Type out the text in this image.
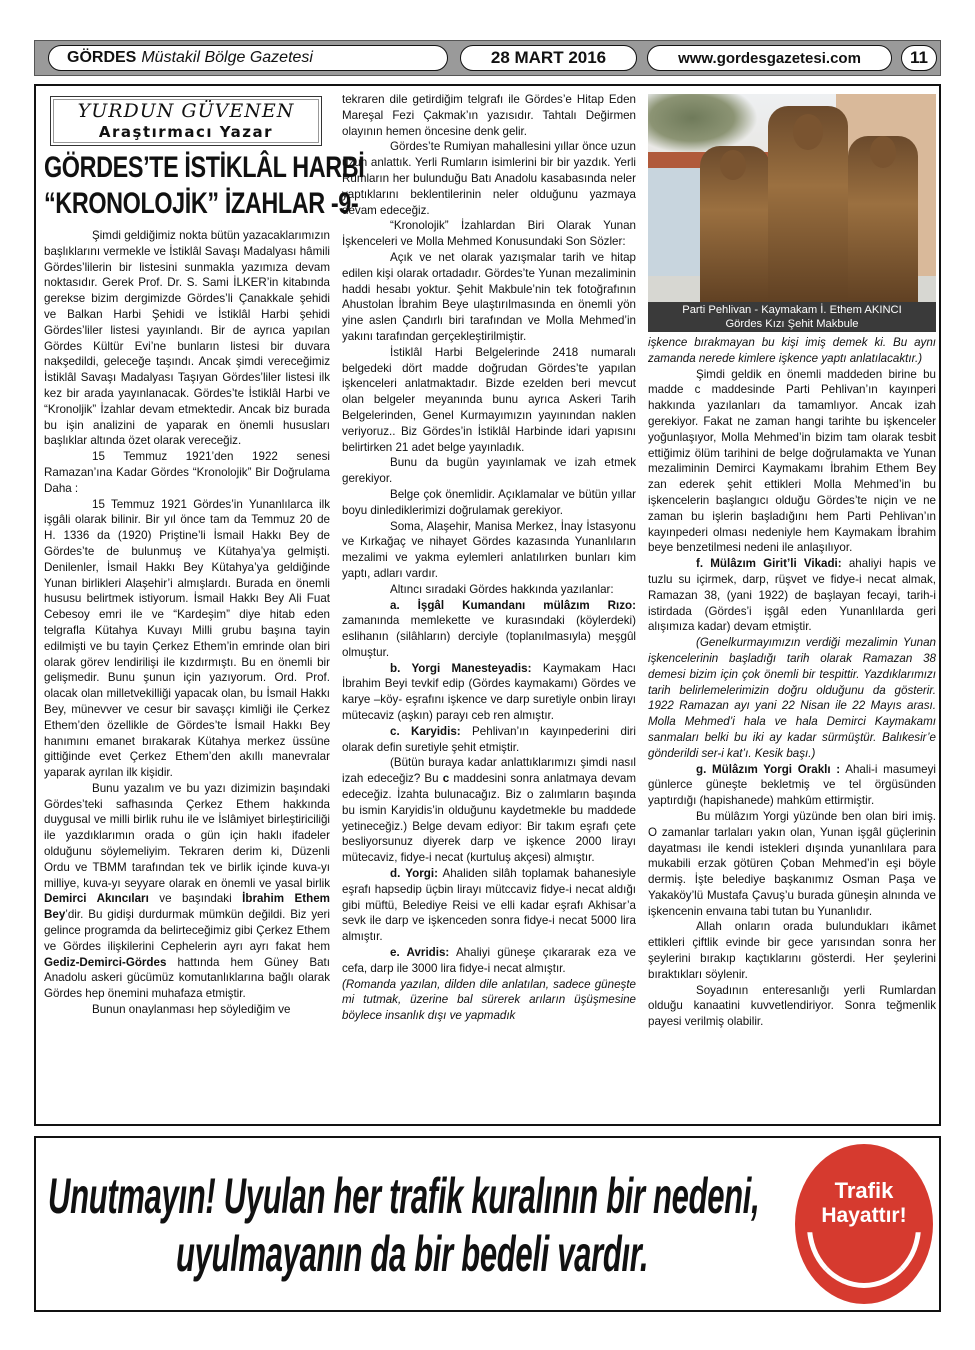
GÖRDES Müstakil Bölge Gazetesi	28 MART 2016	www.gordesgazetesi.com	11
YURDUN GÜVENEN
Araştırmacı Yazar
GÖRDES’TE İSTİKLÂL HARBİ
“KRONOLOJİK” İZAHLAR -9-

Şimdi geldiğimiz nokta bütün yazacaklarımızın başlıklarını vermekle ve İstiklâl Savaşı Madalyası hâmili Gördes’lilerin bir listesini sunmakla yazımıza devam noktasıdır. Gerek Prof. Dr. S. Sami İLKER’in kitabında gerekse bizim dergimizde Gördes’li Çanakkale şehidi ve Balkan Harbi Şehidi ve İstiklâl Harbi şehidi Gördes’liler listesi yayınlandı. Bir de ayrıca yapılan Gördes Kültür Evi’ne bunların listesi bir duvara nakşedildi, geleceğe taşındı. Ancak şimdi vereceğimiz İstiklâl Savaşı Madalyası Taşıyan Gördes’liler listesi ilk kez bir arada yayınlanacak. Gördes’te İstiklâl Harbi ve “Kronoljik” İzahlar devam etmektedir. Ancak biz burada bu işin analizini de yaparak en önemli hususları başlıklar altında özet olarak vereceğiz.

15 Temmuz 1921’den 1922 senesi Ramazan’ına Kadar Gördes “Kronolojik” Bir Doğrulama Daha :

15 Temmuz 1921 Gördes’in Yunanlılarca ilk işgâli olarak bilinir. Bir yıl önce tam da Temmuz 20 de H. 1336 da (1920) Priştine’li İsmail Hakkı Bey de Gördes’te de bulunmuş ve Kütahya’ya gelmişti. Denilenler, İsmail Hakkı Bey Kütahya’ya geldiğinde Yunan birlikleri Alaşehir’i almışlardı. Burada en önemli hususu belirtmek istiyorum. İsmail Hakkı Bey Ali Fuat Cebesoy emri ile ve “Kardeşim” diye hitab eden telgrafla Kütahya Kuvayı Milli grubu başına tayin edilmişti ve bu tayin Çerkez Ethem’in emrinde olan biri olarak görev lendirilişi ile kızdırmıştı. Bu en önemli bir gelişmedir. Bunu şunun için yazıyorum. Ord. Prof. olacak olan milletvekilliği yapacak olan, bu İsmail Hakkı Bey, münevver ve cesur bir savaşçı kimliği ile Çerkez Ethem’den özellikle de Gördes’te İsmail Hakkı Bey hanımını emanet bırakarak Kütahya merkez üssüne gittiğinde evet Çerkez Ethem’den akıllı manevralar yaparak ayrılan ilk kişidir.

Bunu yazalım ve bu yazı dizimizin başındaki Gördes’teki safhasında Çerkez Ethem hakkında duygusal ve milli birlik ruhu ile ve İslâmiyet birleştiriciliği ile yazdıklarımın orada o gün için haklı ifadeler olduğunu söylemeliyim. Tekraren derim ki, Düzenli Ordu ve TBMM tarafından tek ve birlik içinde kuva-yı milliye, kuva-yı seyyare olarak en önemli ve yasal birlik Demirci Akıncıları ve başındaki İbrahim Ethem Bey’dir. Bu gidişi durdurmak mümkün değildi. Biz yeri gelince programda da belirteceğimiz gibi Çerkez Ethem ve Gördes ilişkilerini Cephelerin ayrı ayrı fakat hem Gediz-Demirci-Gördes hattında hem Güney Batı Anadolu askeri gücümüz komutanlıklarına bağlı olarak Gördes hep önemini muhafaza etmiştir.

Bunun onaylanması hep söylediğim ve

tekraren dile getirdiğim telgrafı ile Gördes’e Hitap Eden Mareşal Fezi Çakmak’ın yazısıdır. Tahtalı Değirmen olayının hemen öncesine denk gelir.

Gördes’te Rumiyan mahallesini yıllar önce uzun uzun anlattık. Yerli Rumların isimlerini bir bir yazdık. Yerli Rumların her bulunduğu Batı Anadolu kasabasında neler yaptıklarını beklentilerinin neler olduğunu yazmaya devam edeceğiz.

“Kronolojik” İzahlardan Biri Olarak Yunan İşkenceleri ve Molla Mehmed Konusundaki Son Sözler:

Açık ve net olarak yazışmalar tarih ve hitap edilen kişi olarak ortadadır. Gördes’te Yunan mezaliminin haddi hesabı yoktur. Şehit Makbule’nin tek fotoğrafının Ahustolan İbrahim Beye ulaştırılmasında en önemli yön yine aslen Çandırlı biri tarafından ve Molla Mehmed’in yakını tarafından gerçekleştirilmiştir.

İstiklâl Harbi Belgelerinde 2418 numaralı belgedeki dört madde doğrudan Gördes’te yapılan işkenceleri anlatmaktadır. Bizde ezelden beri mevcut olan belgeler meyanında bunu ayrıca Askeri Tarih Belgelerinden, Genel Kurmayımızın yayınından naklen veriyoruz.. Biz Gördes’in İstiklâl Harbinde idari yapısını belirtirken 21 adet belge yayınladık.

Bunu da bugün yayınlamak ve izah etmek gerekiyor.

Belge çok önemlidir. Açıklamalar ve bütün yıllar boyu dinlediklerimizi doğrulamak gerekiyor.

Soma, Alaşehir, Manisa Merkez, İnay İstasyonu ve Kırkağaç ve nihayet Gördes kazasında Yunanlıların mezalimi ve yakma eylemleri anlatılırken bunları kim yaptı, adları vardır.

Altıncı sıradaki Gördes hakkında yazılanlar:

a. İşgâl Kumandanı mülâzım Rızo: zamanında memlekette ve kurasındaki (köylerdeki) eslihanın (silâhların) derciyle (toplanılmasıyla) meşgûl olmuştur.

b. Yorgi Manesteyadis: Kaymakam Hacı İbrahim Beyi tevkif edip (Gördes kaymakamı) Gördes ve karye –köy- eşrafını işkence ve darp suretiyle onbin lirayı mütecaviz (aşkın) parayı ceb ren almıştır.

c. Karyidis: Pehlivan’ın kayınpederini diri olarak defin suretiyle şehit etmiştir.

(Bütün buraya kadar anlattıklarımızı şimdi nasıl izah edeceğiz? Bu c maddesini sonra anlatmaya devam edeceğiz. İzahta bulunacağız. Biz o zalımların başında bu ismin Karyidis’in olduğunu kaydetmekle bu maddede yetineceğiz.) Belge devam ediyor: Bir takım eşrafı çete besliyorsunuz diyerek darp ve işkence 2000 lirayı mütecaviz, fidye-i necat (kurtuluş akçesi) almıştır.

d. Yorgi: Ahaliden silâh toplamak bahanesiyle eşrafı hapsedip üçbin lirayı mütccaviz fidye-i necat aldığı gibi müftü, Belediye Reisi ve elli kadar eşrafı Akhisar’a sevk ile darp ve işkenceden sonra fidye-i necat 5000 lira almıştır.

e. Avridis: Ahaliyi güneşe çıkararak eza ve cefa, darp ile 3000 lira fidye-i necat almıştır.

(Romanda yazılan, dilden dile anlatılan, sadece güneşte mi tutmak, üzerine bal sürerek arıların üşüşmesine böylece insanlık dışı ve yapmadık

Parti Pehlivan - Kaymakam İ. Ethem AKINCI
Gördes Kızı Şehit Makbule

işkence bırakmayan bu kişi imiş demek ki. Bu aynı zamanda nerede kimlere işkence yaptı anlatılacaktır.)

Şimdi geldik en önemli maddeden birine bu madde c maddesinde Parti Pehlivan’ın kayınperi hakkında yazılanları da tamamlıyor. Ancak izah gerekiyor. Fakat ne zaman hangi tarihte bu işkenceler yoğunlaşıyor, Molla Mehmed’in bizim tam olarak tesbit ettiğimiz ölüm tarihini de belge doğrulamakta ve Yunan mezaliminin Demirci Kaymakamı İbrahim Ethem Bey zan ederek şehit ettikleri Molla Mehmed’in bu işkencelerin başlangıcı olduğu Gördes’te niçin ve ne zaman bu işlerin başladığını hem Parti Pehlivan’ın kayınpederi olması nedeniyle hem Kaymakam İbrahim beye benzetilmesi nedeni ile anlaşılıyor.

f. Mülâzım Girit’li Vikadi: ahaliyi hapis ve tuzlu su içirmek, darp, rüşvet ve fidye-i necat almak, Ramazan 38, (yani 1922) de başlayan fecayi, tarih-i istirdada (Gördes’i işgâl eden Yunanlılarda geri alışımıza kadar) devam etmiştir.

(Genelkurmayımızın verdiği mezalimin Yunan işkencelerinin başladığı tarih olarak Ramazan 38 demesi bizim için çok önemli bir tespittir. Yazdıklarımızı tarih belirlemelerimizin doğru olduğunu da gösterir. 1922 Ramazan ayı yani 22 Nisan ile 22 Mayıs arası. Molla Mehmed’i hala ve hala Demirci Kaymakamı sanmaları belki bu iki ay kadar sürmüştür. Balıkesir’e gönderildi ser-i kat’ı. Kesik başı.)

g. Mülâzım Yorgi Oraklı : Ahali-i masumeyi günlerce güneşte bekletmiş ve tel örgüsünden yaptırdığı (hapishanede) mahkûm ettirmiştir.

Bu mülâzım Yorgi yüzünde ben olan biri imiş. O zamanlar tarlaları yakın olan, Yunan işgâl güçlerinin dayatması ile kendi istekleri dışında yunanlılara para mukabili erzak götüren Çoban Mehmed’in eşi böyle dermiş. İşte belediye başkanımız Osman Paşa ve Yakaköy’lü Mustafa Çavuş’u burada güneşin alnında ve işkencenin envaına tabi tutan bu Yunanlıdır.

Allah onların orada bulundukları ikâmet ettikleri çiftlik evinde bir gece yarısından sonra her şeylerini bırakıp kaçtıklarını gösterdi. Her şeylerini bıraktıkları söylenir.

Soyadının enteresanlığı yerli Rumlardan olduğu kanaatini kuvvetlendiriyor. Sonra teğmenlik payesi verilmiş olabilir.

Unutmayın! Uyulan her trafik kuralının bir nedeni,
uyulmayanın da bir bedeli vardır.
Trafik
Hayattır!
